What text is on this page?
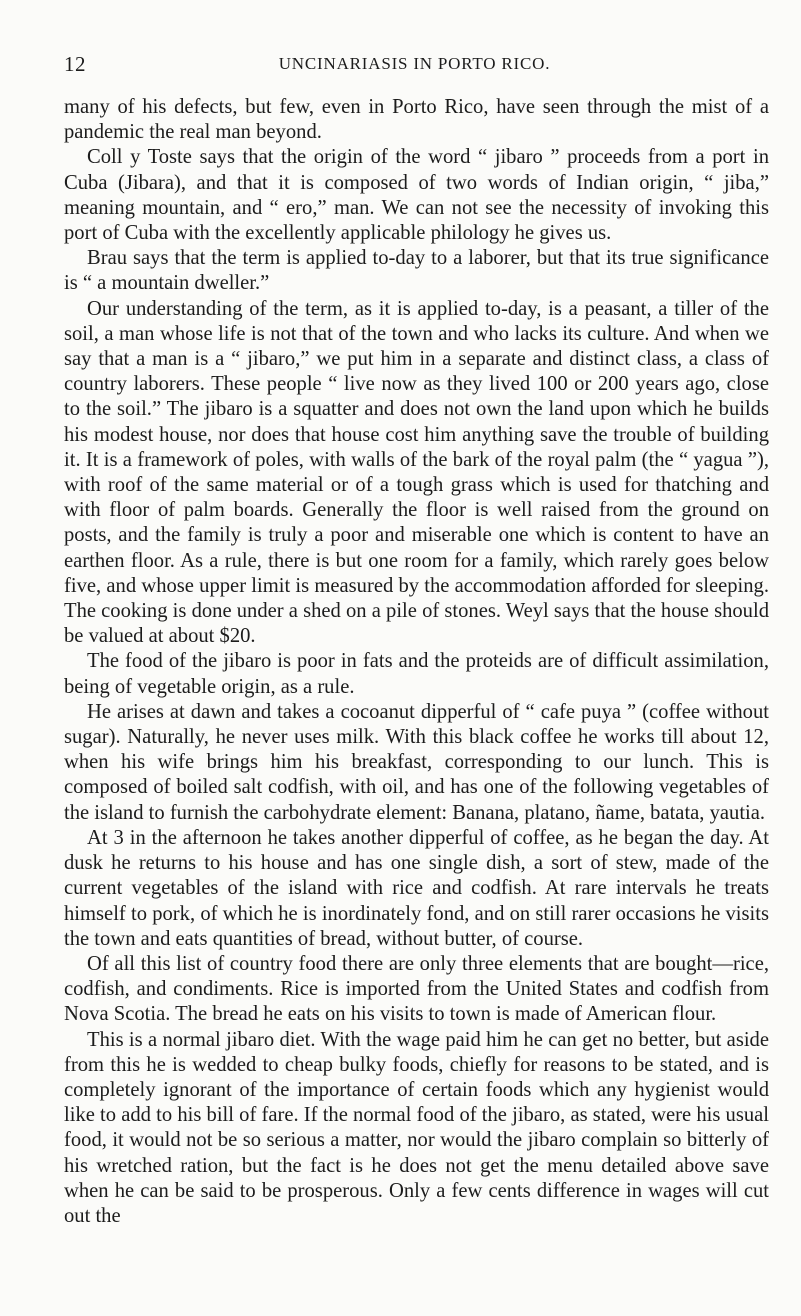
12	UNCINARIASIS IN PORTO RICO.

many of his defects, but few, even in Porto Rico, have seen through the mist of a pandemic the real man beyond.

Coll y Toste says that the origin of the word “ jibaro ” proceeds from a port in Cuba (Jibara), and that it is composed of two words of Indian origin, “ jiba,” meaning mountain, and “ ero,” man. We can not see the necessity of invoking this port of Cuba with the excellently applicable philology he gives us.

Brau says that the term is applied to-day to a laborer, but that its true significance is “ a mountain dweller.”

Our understanding of the term, as it is applied to-day, is a peasant, a tiller of the soil, a man whose life is not that of the town and who lacks its culture. And when we say that a man is a “ jibaro,” we put him in a separate and distinct class, a class of country laborers. These people “ live now as they lived 100 or 200 years ago, close to the soil.” The jibaro is a squatter and does not own the land upon which he builds his modest house, nor does that house cost him anything save the trouble of building it. It is a framework of poles, with walls of the bark of the royal palm (the “ yagua ”), with roof of the same material or of a tough grass which is used for thatching and with floor of palm boards. Generally the floor is well raised from the ground on posts, and the family is truly a poor and miserable one which is content to have an earthen floor. As a rule, there is but one room for a family, which rarely goes below five, and whose upper limit is measured by the accommodation afforded for sleeping. The cooking is done under a shed on a pile of stones. Weyl says that the house should be valued at about $20.

The food of the jibaro is poor in fats and the proteids are of difficult assimilation, being of vegetable origin, as a rule.

He arises at dawn and takes a cocoanut dipperful of “ cafe puya ” (coffee without sugar). Naturally, he never uses milk. With this black coffee he works till about 12, when his wife brings him his breakfast, corresponding to our lunch. This is composed of boiled salt codfish, with oil, and has one of the following vegetables of the island to furnish the carbohydrate element: Banana, platano, ñame, batata, yautia.

At 3 in the afternoon he takes another dipperful of coffee, as he began the day. At dusk he returns to his house and has one single dish, a sort of stew, made of the current vegetables of the island with rice and codfish. At rare intervals he treats himself to pork, of which he is inordinately fond, and on still rarer occasions he visits the town and eats quantities of bread, without butter, of course.

Of all this list of country food there are only three elements that are bought—rice, codfish, and condiments. Rice is imported from the United States and codfish from Nova Scotia. The bread he eats on his visits to town is made of American flour.

This is a normal jibaro diet. With the wage paid him he can get no better, but aside from this he is wedded to cheap bulky foods, chiefly for reasons to be stated, and is completely ignorant of the importance of certain foods which any hygienist would like to add to his bill of fare. If the normal food of the jibaro, as stated, were his usual food, it would not be so serious a matter, nor would the jibaro complain so bitterly of his wretched ration, but the fact is he does not get the menu detailed above save when he can be said to be prosperous. Only a few cents difference in wages will cut out the
